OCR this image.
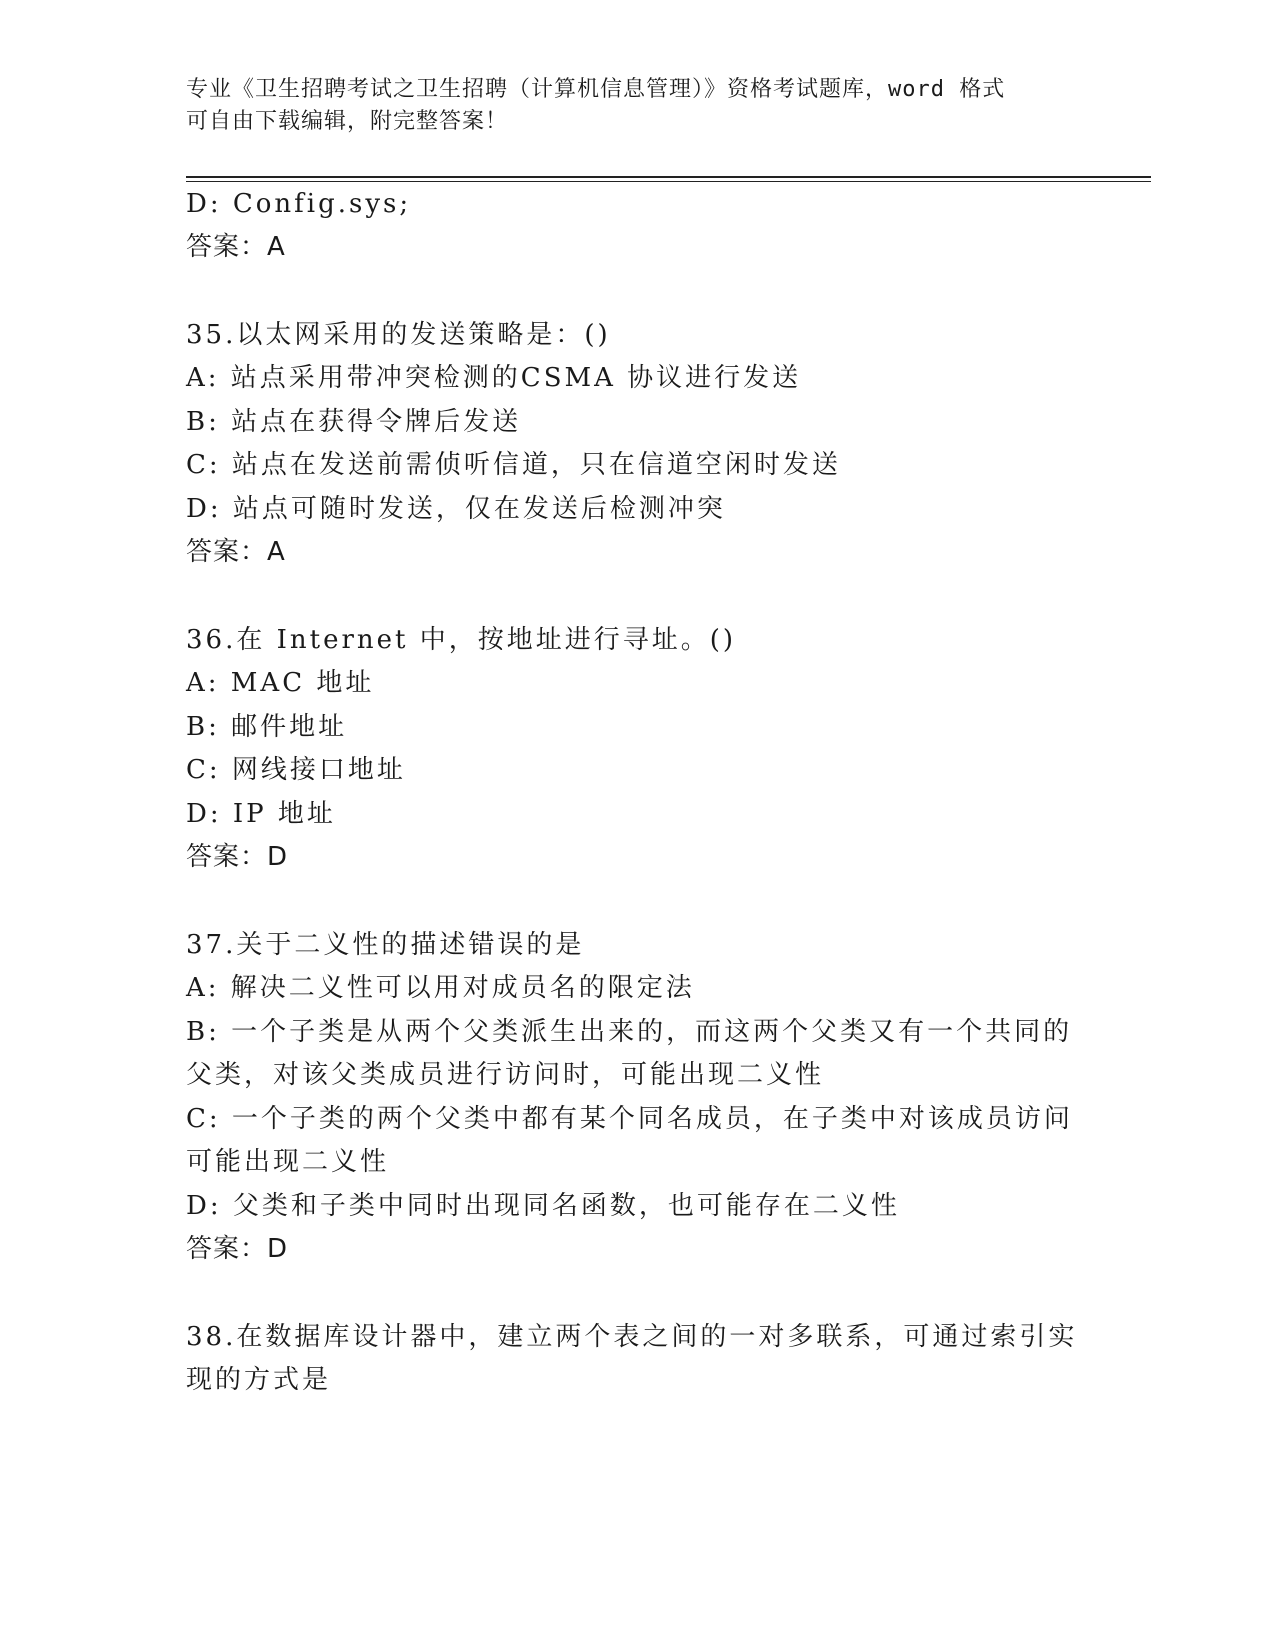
专业《卫生招聘考试之卫生招聘（计算机信息管理）》资格考试题库，word 格式
可自由下载编辑，附完整答案！
D: Config.sys;
答案：A
35.以太网采用的发送策略是：()
A: 站点采用带冲突检测的CSMA 协议进行发送
B: 站点在获得令牌后发送
C: 站点在发送前需侦听信道，只在信道空闲时发送
D: 站点可随时发送，仅在发送后检测冲突
答案：A
36.在 Internet 中，按地址进行寻址。()
A: MAC 地址
B: 邮件地址
C: 网线接口地址
D: IP 地址
答案：D
37.关于二义性的描述错误的是
A: 解决二义性可以用对成员名的限定法
B: 一个子类是从两个父类派生出来的，而这两个父类又有一个共同的
父类，对该父类成员进行访问时，可能出现二义性
C: 一个子类的两个父类中都有某个同名成员，在子类中对该成员访问
可能出现二义性
D: 父类和子类中同时出现同名函数，也可能存在二义性
答案：D
38.在数据库设计器中，建立两个表之间的一对多联系，可通过索引实
现的方式是
